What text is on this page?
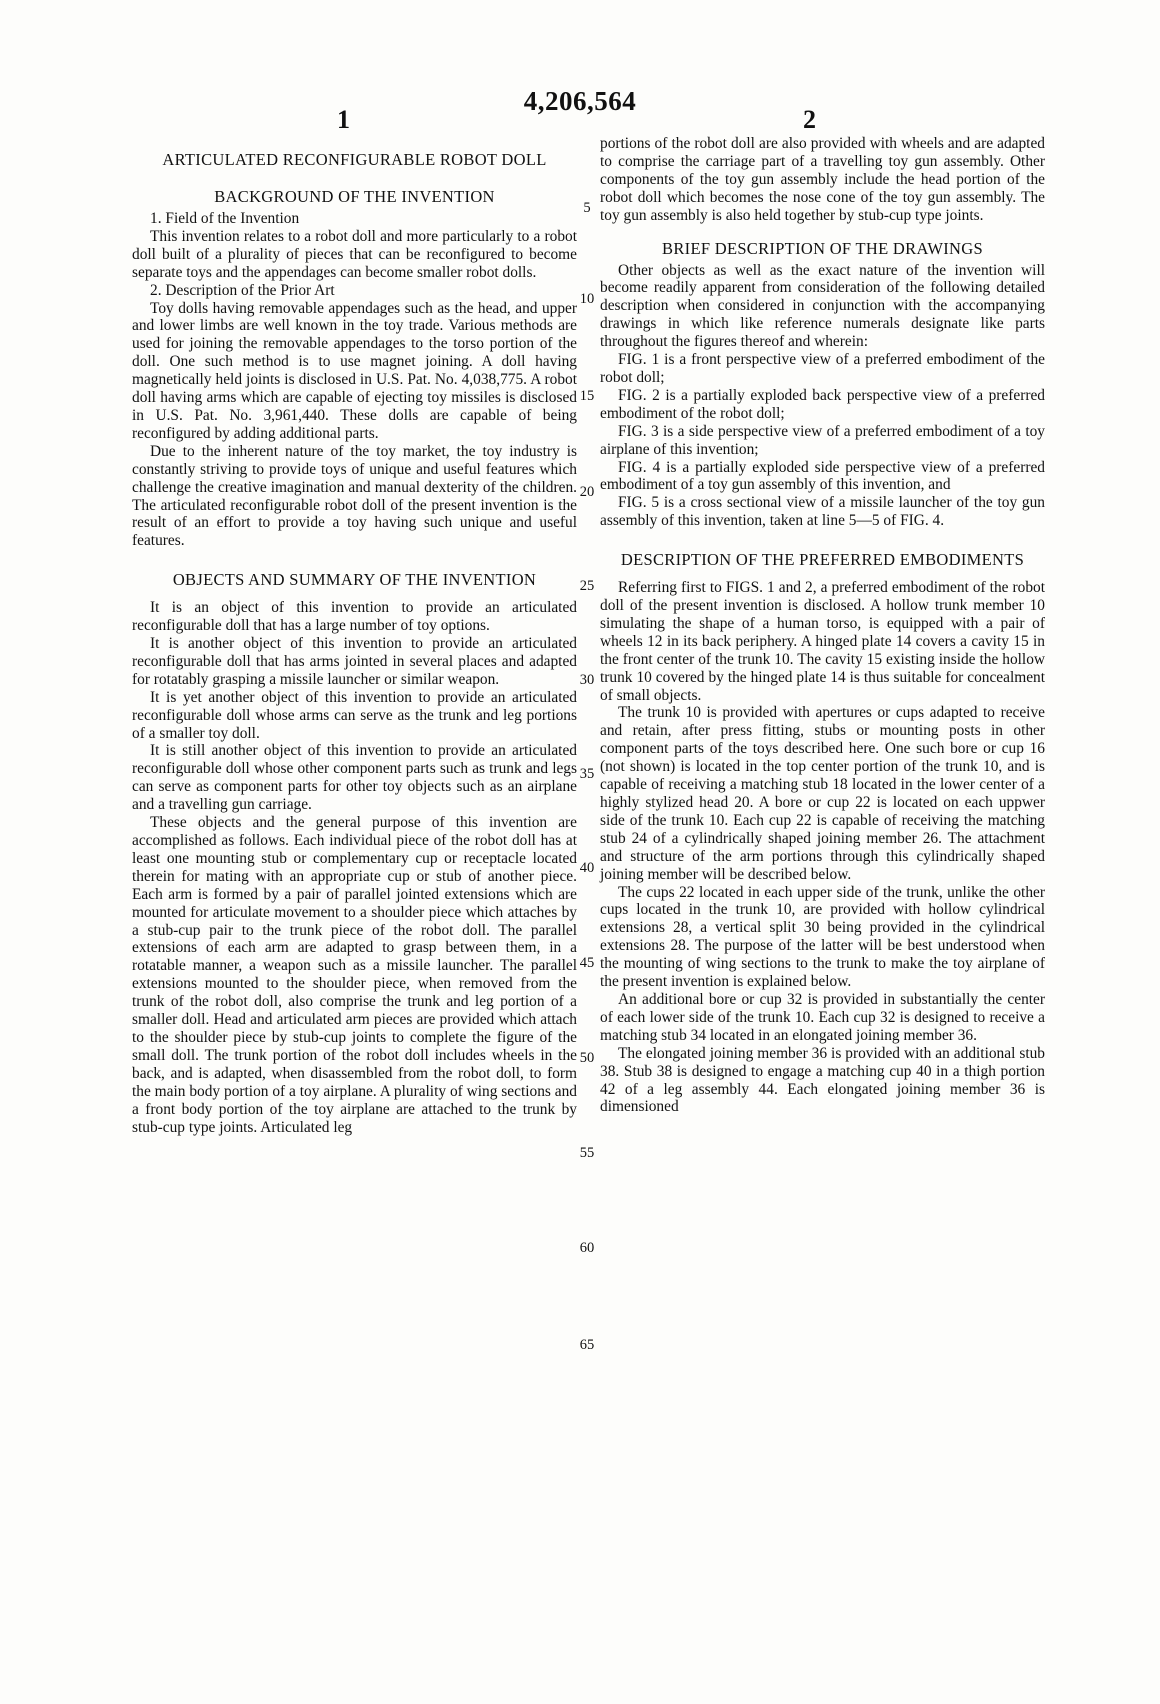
4,206,564
1	2
ARTICULATED RECONFIGURABLE ROBOT DOLL
BACKGROUND OF THE INVENTION

1. Field of the Invention

This invention relates to a robot doll and more particularly to a robot doll built of a plurality of pieces that can be reconfigured to become separate toys and the appendages can become smaller robot dolls.

2. Description of the Prior Art

Toy dolls having removable appendages such as the head, and upper and lower limbs are well known in the toy trade. Various methods are used for joining the removable appendages to the torso portion of the doll. One such method is to use magnet joining. A doll having magnetically held joints is disclosed in U.S. Pat. No. 4,038,775. A robot doll having arms which are capable of ejecting toy missiles is disclosed in U.S. Pat. No. 3,961,440. These dolls are capable of being reconfigured by adding additional parts.

Due to the inherent nature of the toy market, the toy industry is constantly striving to provide toys of unique and useful features which challenge the creative imagination and manual dexterity of the children. The articulated reconfigurable robot doll of the present invention is the result of an effort to provide a toy having such unique and useful features.

OBJECTS AND SUMMARY OF THE INVENTION

It is an object of this invention to provide an articulated reconfigurable doll that has a large number of toy options.

It is another object of this invention to provide an articulated reconfigurable doll that has arms jointed in several places and adapted for rotatably grasping a missile launcher or similar weapon.

It is yet another object of this invention to provide an articulated reconfigurable doll whose arms can serve as the trunk and leg portions of a smaller toy doll.

It is still another object of this invention to provide an articulated reconfigurable doll whose other component parts such as trunk and legs can serve as component parts for other toy objects such as an airplane and a travelling gun carriage.

These objects and the general purpose of this invention are accomplished as follows. Each individual piece of the robot doll has at least one mounting stub or complementary cup or receptacle located therein for mating with an appropriate cup or stub of another piece. Each arm is formed by a pair of parallel jointed extensions which are mounted for articulate movement to a shoulder piece which attaches by a stub-cup pair to the trunk piece of the robot doll. The parallel extensions of each arm are adapted to grasp between them, in a rotatable manner, a weapon such as a missile launcher. The parallel extensions mounted to the shoulder piece, when removed from the trunk of the robot doll, also comprise the trunk and leg portion of a smaller doll. Head and articulated arm pieces are provided which attach to the shoulder piece by stub-cup joints to complete the figure of the small doll. The trunk portion of the robot doll includes wheels in the back, and is adapted, when disassembled from the robot doll, to form the main body portion of a toy airplane. A plurality of wing sections and a front body portion of the toy airplane are attached to the trunk by stub-cup type joints. Articulated leg

5
10
15
20
25
30
35
40
45
50
55
60
65

portions of the robot doll are also provided with wheels and are adapted to comprise the carriage part of a travelling toy gun assembly. Other components of the toy gun assembly include the head portion of the robot doll which becomes the nose cone of the toy gun assembly. The toy gun assembly is also held together by stub-cup type joints.

BRIEF DESCRIPTION OF THE DRAWINGS

Other objects as well as the exact nature of the invention will become readily apparent from consideration of the following detailed description when considered in conjunction with the accompanying drawings in which like reference numerals designate like parts throughout the figures thereof and wherein:

FIG. 1 is a front perspective view of a preferred embodiment of the robot doll;

FIG. 2 is a partially exploded back perspective view of a preferred embodiment of the robot doll;

FIG. 3 is a side perspective view of a preferred embodiment of a toy airplane of this invention;

FIG. 4 is a partially exploded side perspective view of a preferred embodiment of a toy gun assembly of this invention, and

FIG. 5 is a cross sectional view of a missile launcher of the toy gun assembly of this invention, taken at line 5—5 of FIG. 4.

DESCRIPTION OF THE PREFERRED EMBODIMENTS

Referring first to FIGS. 1 and 2, a preferred embodiment of the robot doll of the present invention is disclosed. A hollow trunk member 10 simulating the shape of a human torso, is equipped with a pair of wheels 12 in its back periphery. A hinged plate 14 covers a cavity 15 in the front center of the trunk 10. The cavity 15 existing inside the hollow trunk 10 covered by the hinged plate 14 is thus suitable for concealment of small objects.

The trunk 10 is provided with apertures or cups adapted to receive and retain, after press fitting, stubs or mounting posts in other component parts of the toys described here. One such bore or cup 16 (not shown) is located in the top center portion of the trunk 10, and is capable of receiving a matching stub 18 located in the lower center of a highly stylized head 20. A bore or cup 22 is located on each uppwer side of the trunk 10. Each cup 22 is capable of receiving the matching stub 24 of a cylindrically shaped joining member 26. The attachment and structure of the arm portions through this cylindrically shaped joining member will be described below.

The cups 22 located in each upper side of the trunk, unlike the other cups located in the trunk 10, are provided with hollow cylindrical extensions 28, a vertical split 30 being provided in the cylindrical extensions 28. The purpose of the latter will be best understood when the mounting of wing sections to the trunk to make the toy airplane of the present invention is explained below.

An additional bore or cup 32 is provided in substantially the center of each lower side of the trunk 10. Each cup 32 is designed to receive a matching stub 34 located in an elongated joining member 36.

The elongated joining member 36 is provided with an additional stub 38. Stub 38 is designed to engage a matching cup 40 in a thigh portion 42 of a leg assembly 44. Each elongated joining member 36 is dimensioned
